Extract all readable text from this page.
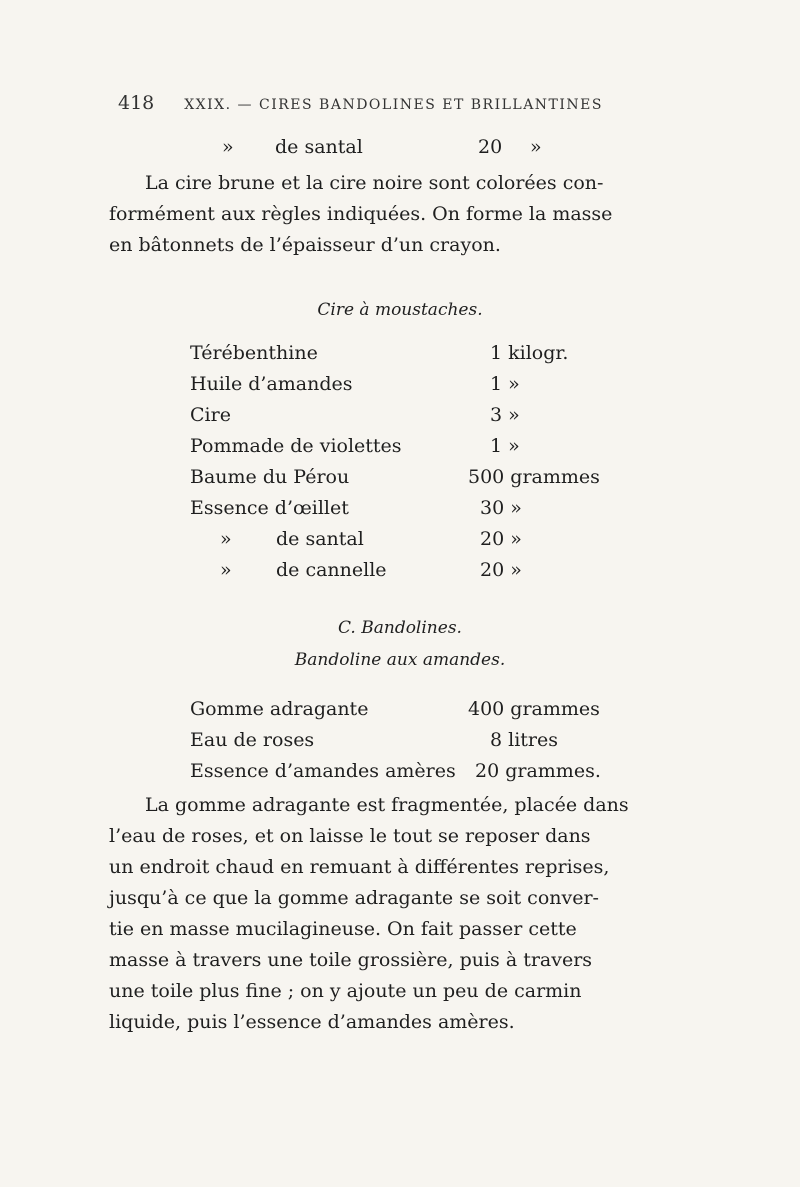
418 XXIX. — CIRES BANDOLINES ET BRILLANTINES
» de santal	20 »
La cire brune et la cire noire sont colorées con-
formément aux règles indiquées. On forme la masse
en bâtonnets de l’épaisseur d’un crayon.
Cire à moustaches.
Térébenthine	1 kilogr.
Huile d’amandes	1 »
Cire	3 »
Pommade de violettes	1 »
Baume du Pérou	500 grammes
Essence d’œillet	30 »
» de santal	20 »
» de cannelle	20 »
C. Bandolines.
Bandoline aux amandes.
Gomme adragante	400 grammes
Eau de roses	8 litres
Essence d’amandes amères 20 grammes.
La gomme adragante est fragmentée, placée dans
l’eau de roses, et on laisse le tout se reposer dans
un endroit chaud en remuant à différentes reprises,
jusqu’à ce que la gomme adragante se soit conver-
tie en masse mucilagineuse. On fait passer cette
masse à travers une toile grossière, puis à travers
une toile plus fine ; on y ajoute un peu de carmin
liquide, puis l’essence d’amandes amères.
